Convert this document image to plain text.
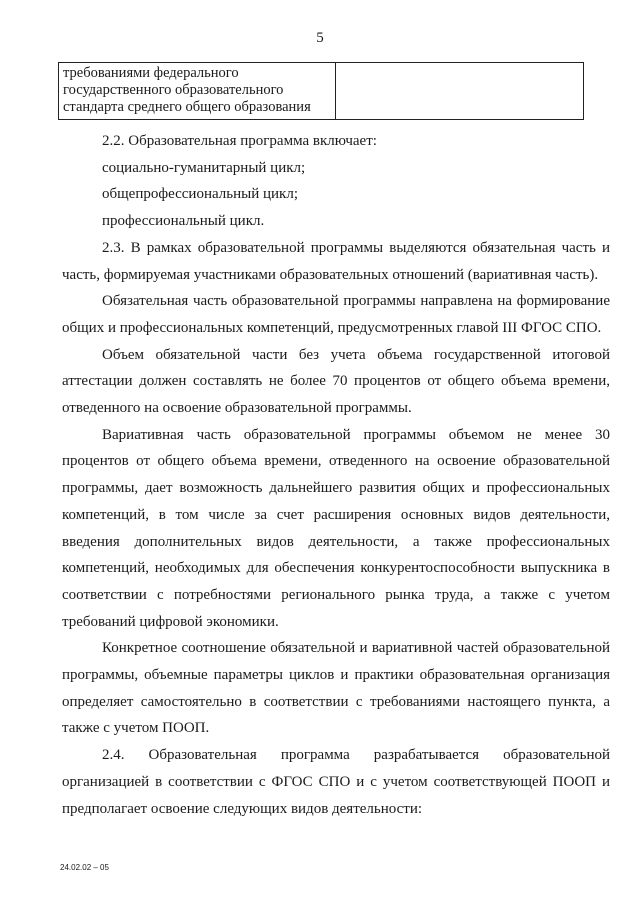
5
требованиями федерального государственного образовательного стандарта среднего общего образования	

2.2. Образовательная программа включает:

социально-гуманитарный цикл;

общепрофессиональный цикл;

профессиональный цикл.

2.3. В рамках образовательной программы выделяются обязательная часть и часть, формируемая участниками образовательных отношений (вариативная часть).

Обязательная часть образовательной программы направлена на формирование общих и профессиональных компетенций, предусмотренных главой III ФГОС СПО.

Объем обязательной части без учета объема государственной итоговой аттестации должен составлять не более 70 процентов от общего объема времени, отведенного на освоение образовательной программы.

Вариативная часть образовательной программы объемом не менее 30 процентов от общего объема времени, отведенного на освоение образовательной программы, дает возможность дальнейшего развития общих и профессиональных компетенций, в том числе за счет расширения основных видов деятельности, введения дополнительных видов деятельности, а также профессиональных компетенций, необходимых для обеспечения конкурентоспособности выпускника в соответствии с потребностями регионального рынка труда, а также с учетом требований цифровой экономики.

Конкретное соотношение обязательной и вариативной частей образовательной программы, объемные параметры циклов и практики образовательная организация определяет самостоятельно в соответствии с требованиями настоящего пункта, а также с учетом ПООП.

2.4. Образовательная программа разрабатывается образовательной организацией в соответствии с ФГОС СПО и с учетом соответствующей ПООП и предполагает освоение следующих видов деятельности:

24.02.02 – 05
